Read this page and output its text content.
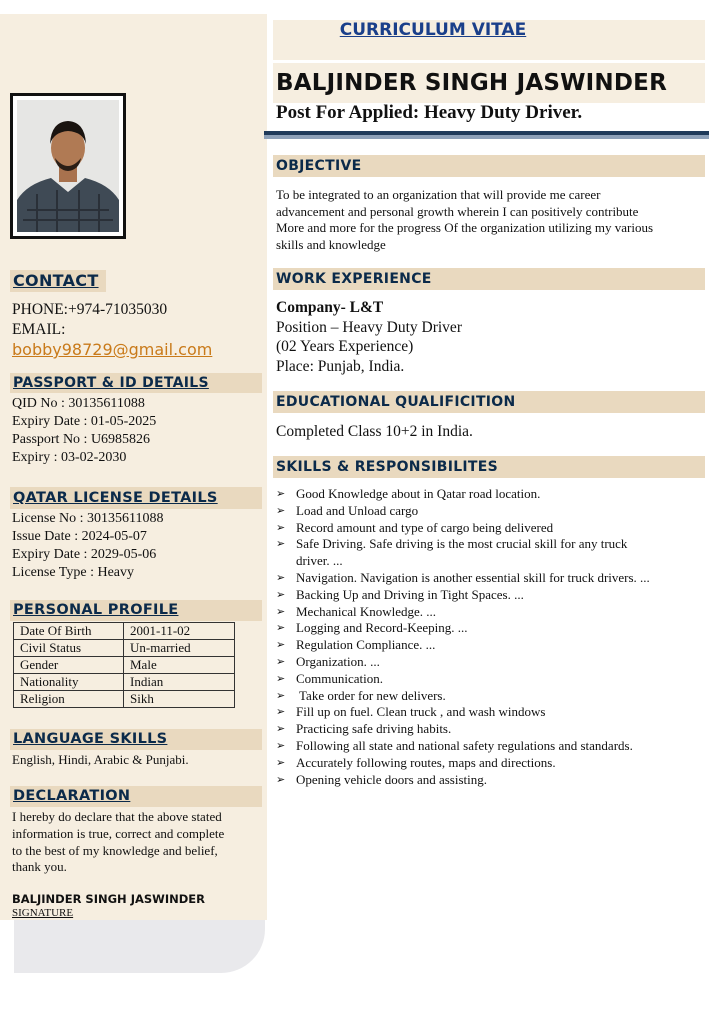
CONTACT
PHONE:+974-71035030
EMAIL:
bobby98729@gmail.com
PASSPORT & ID DETAILS
QID No : 30135611088
Expiry Date : 01-05-2025
Passport No : U6985826
Expiry : 03-02-2030
QATAR LICENSE DETAILS
License No : 30135611088
Issue Date : 2024-05-07
Expiry Date : 2029-05-06
License Type : Heavy
PERSONAL PROFILE
Date Of Birth	2001-11-02
Civil Status	Un-married
Gender	Male
Nationality	Indian
Religion	Sikh
LANGUAGE SKILLS
English, Hindi, Arabic & Punjabi.
DECLARATION
I hereby do declare that the above stated
information is true, correct and complete
to the best of my knowledge and belief,
thank you.
BALJINDER SINGH JASWINDER
SIGNATURE
CURRICULUM VITAE
BALJINDER SINGH JASWINDER
Post For Applied: Heavy Duty Driver.
OBJECTIVE
To be integrated to an organization that will provide me career
advancement and personal growth wherein I can positively contribute
More and more for the progress Of the organization utilizing my various
skills and knowledge
WORK EXPERIENCE
Company- L&T
Position – Heavy Duty Driver
(02 Years Experience)
Place: Punjab, India.
EDUCATIONAL QUALIFICITION
Completed Class 10+2 in India.
SKILLS & RESPONSIBILITES
➢ Good Knowledge about in Qatar road location.
➢ Load and Unload cargo
➢ Record amount and type of cargo being delivered
➢ Safe Driving. Safe driving is the most crucial skill for any truck
driver. ...
➢ Navigation. Navigation is another essential skill for truck drivers. ...
➢ Backing Up and Driving in Tight Spaces. ...
➢ Mechanical Knowledge. ...
➢ Logging and Record-Keeping. ...
➢ Regulation Compliance. ...
➢ Organization. ...
➢ Communication.
➢ Take order for new delivers.
➢ Fill up on fuel. Clean truck , and wash windows
➢ Practicing safe driving habits.
➢ Following all state and national safety regulations and standards.
➢ Accurately following routes, maps and directions.
➢ Opening vehicle doors and assisting.
